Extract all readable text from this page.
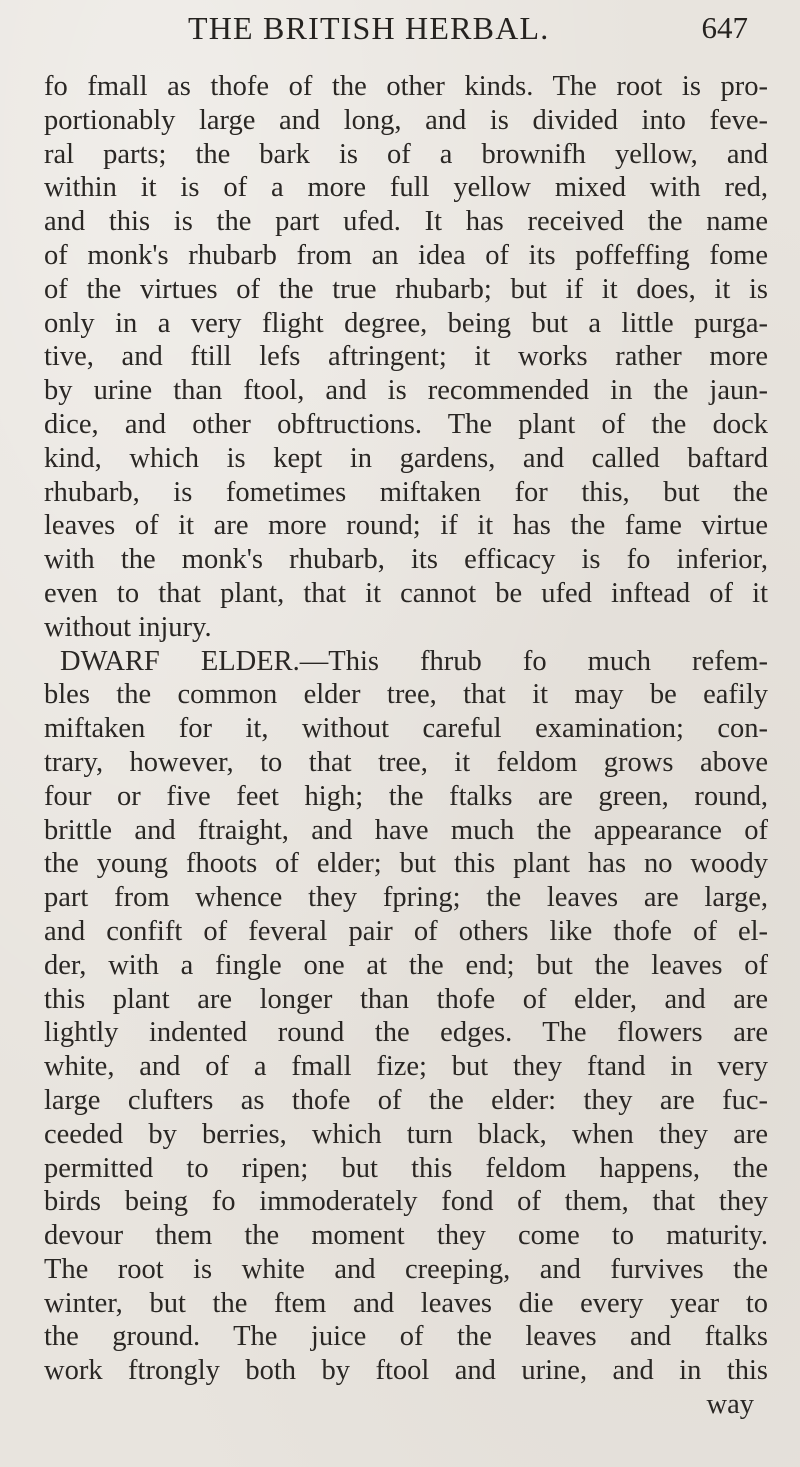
THE BRITISH HERBAL.	647
fo fmall as thofe of the other kinds. The root is pro-
portionably large and long, and is divided into feve-
ral parts; the bark is of a brownifh yellow, and
within it is of a more full yellow mixed with red,
and this is the part ufed. It has received the name
of monk's rhubarb from an idea of its poffeffing fome
of the virtues of the true rhubarb; but if it does, it is
only in a very flight degree, being but a little purga-
tive, and ftill lefs aftringent; it works rather more
by urine than ftool, and is recommended in the jaun-
dice, and other obftructions. The plant of the dock
kind, which is kept in gardens, and called baftard
rhubarb, is fometimes miftaken for this, but the
leaves of it are more round; if it has the fame virtue
with the monk's rhubarb, its efficacy is fo inferior,
even to that plant, that it cannot be ufed inftead of it
without injury.
DWARF ELDER.—This fhrub fo much refem-
bles the common elder tree, that it may be eafily
miftaken for it, without careful examination; con-
trary, however, to that tree, it feldom grows above
four or five feet high; the ftalks are green, round,
brittle and ftraight, and have much the appearance of
the young fhoots of elder; but this plant has no woody
part from whence they fpring; the leaves are large,
and confift of feveral pair of others like thofe of el-
der, with a fingle one at the end; but the leaves of
this plant are longer than thofe of elder, and are
lightly indented round the edges. The flowers are
white, and of a fmall fize; but they ftand in very
large clufters as thofe of the elder: they are fuc-
ceeded by berries, which turn black, when they are
permitted to ripen; but this feldom happens, the
birds being fo immoderately fond of them, that they
devour them the moment they come to maturity.
The root is white and creeping, and furvives the
winter, but the ftem and leaves die every year to
the ground. The juice of the leaves and ftalks
work ftrongly both by ftool and urine, and in this
way
